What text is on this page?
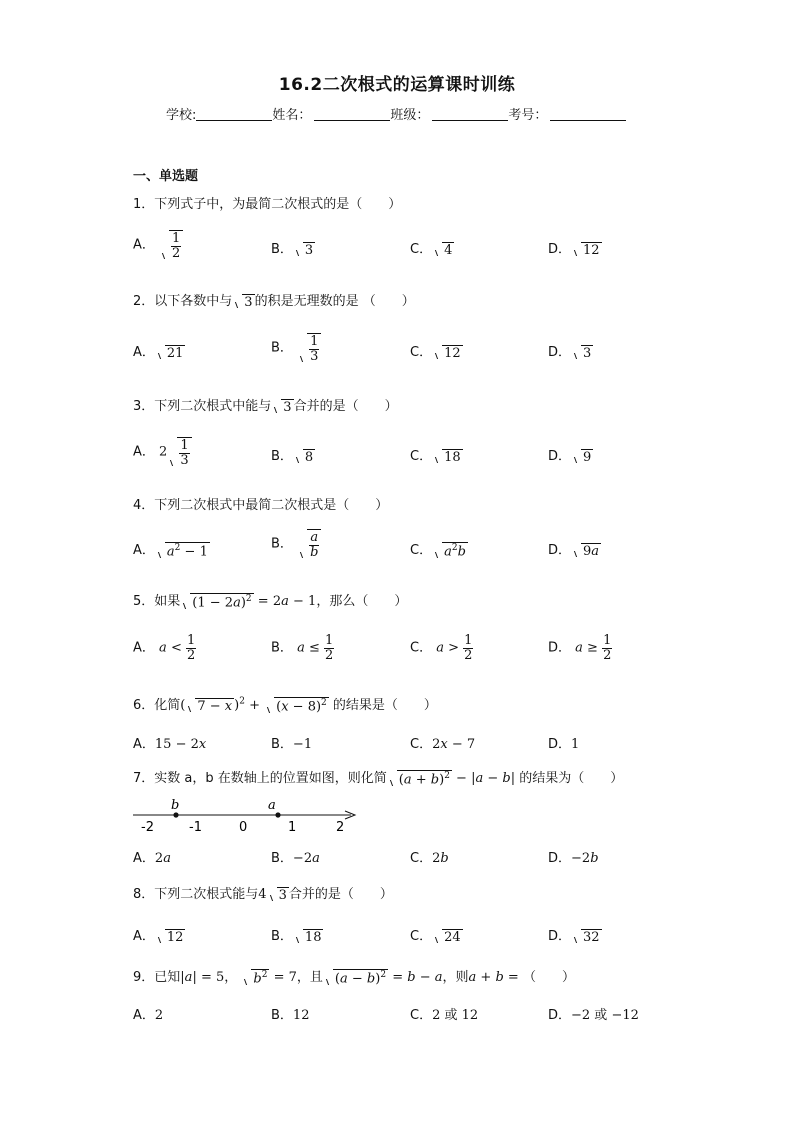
16.2二次根式的运算课时训练
学校:	姓名：	班级：	考号：
一、单选题
1．下列式子中，为最简二次根式的是（　　）
A． $\frac{1}{2}$	B． 3	C． 4	D． 12
2．以下各数中与 3 的积是无理数的是 （　　）
A． 21	B． $\frac{1}{3}$	C． 12	D． 3
3．下列二次根式中能与 3 合并的是（　　）
A． $2 \frac{1}{3}$	B． 8	C． 18	D． 9
4．下列二次根式中最简二次根式是（　　）
A． $a^2 - 1$
B． $\frac{a}{b}$	C． $a^2b$	D． 9a
5．如果 $(1 - 2a)^2 = 2a - 1$，那么（　　）
A． $a < \frac{1}{2}$	B． $a \le \frac{1}{2}$	C． $a > \frac{1}{2}$	D． $a \ge \frac{1}{2}$
6．化简( 7 − x )$^2 + (x - 8)^2$ 的结果是（　　）
A．15 − 2x	B．−1	C．2x − 7	D．1
7．实数 a，b 在数轴上的位置如图，则化简 $(a + b)^2 - |a - b|$ 的结果为（　　）
b	a
-2	-1	0	1	2
A．2a	B．−2a	C．2b	D．−2b
8．下列二次根式能与4 3 合并的是（　　）
A． 12	B． 18	C． 24	D． 32
9．已知|a| = 5， $b^2 = 7$，且 $(a - b)^2 = b - a$，则a + b = （　　）
A．2	B．12	C．2 或 12	D．−2 或 −12
